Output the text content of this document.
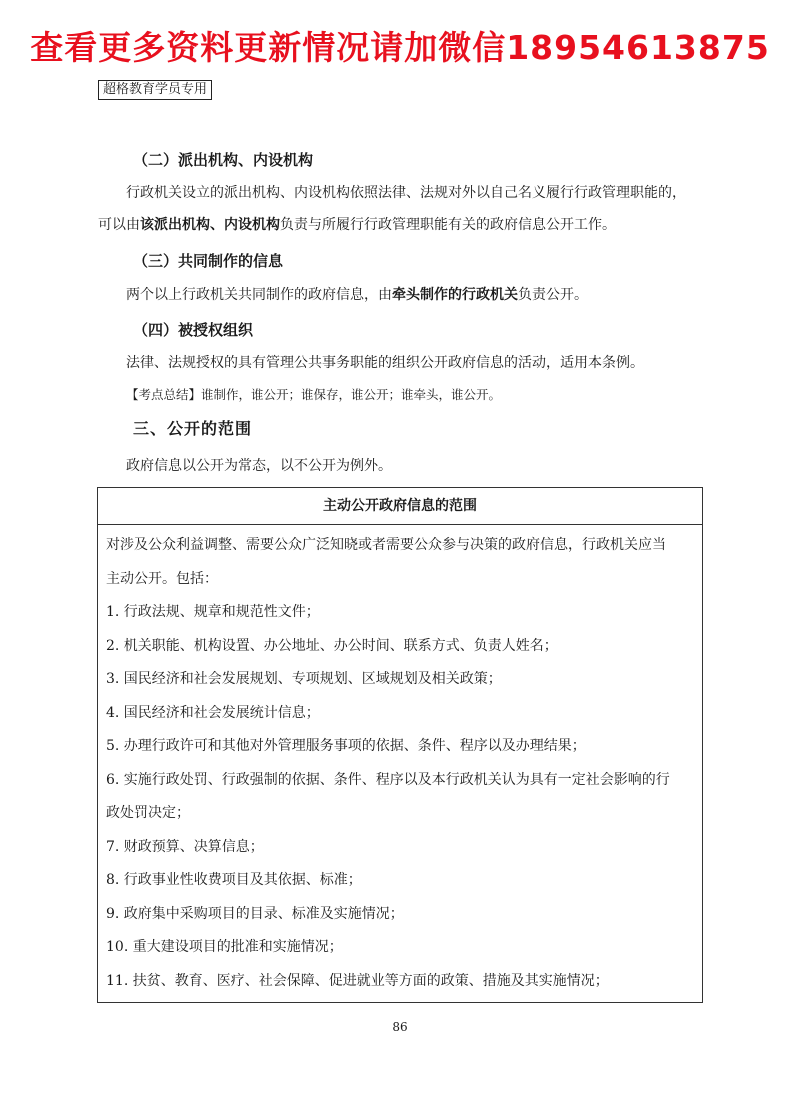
查看更多资料更新情况请加微信18954613875
超格教育学员专用
（二）派出机构、内设机构
行政机关设立的派出机构、内设机构依照法律、法规对外以自己名义履行行政管理职能的，
可以由该派出机构、内设机构负责与所履行行政管理职能有关的政府信息公开工作。
（三）共同制作的信息
两个以上行政机关共同制作的政府信息，由牵头制作的行政机关负责公开。
（四）被授权组织
法律、法规授权的具有管理公共事务职能的组织公开政府信息的活动，适用本条例。
【考点总结】谁制作，谁公开；谁保存，谁公开；谁牵头，谁公开。
三、公开的范围
政府信息以公开为常态，以不公开为例外。
主动公开政府信息的范围

对涉及公众利益调整、需要公众广泛知晓或者需要公众参与决策的政府信息，行政机关应当

主动公开。包括：

1. 行政法规、规章和规范性文件；

2. 机关职能、机构设置、办公地址、办公时间、联系方式、负责人姓名；

3. 国民经济和社会发展规划、专项规划、区域规划及相关政策；

4. 国民经济和社会发展统计信息；

5. 办理行政许可和其他对外管理服务事项的依据、条件、程序以及办理结果；

6. 实施行政处罚、行政强制的依据、条件、程序以及本行政机关认为具有一定社会影响的行

政处罚决定；

7. 财政预算、决算信息；

8. 行政事业性收费项目及其依据、标准；

9. 政府集中采购项目的目录、标准及实施情况；

10. 重大建设项目的批准和实施情况；

11. 扶贫、教育、医疗、社会保障、促进就业等方面的政策、措施及其实施情况；

86
